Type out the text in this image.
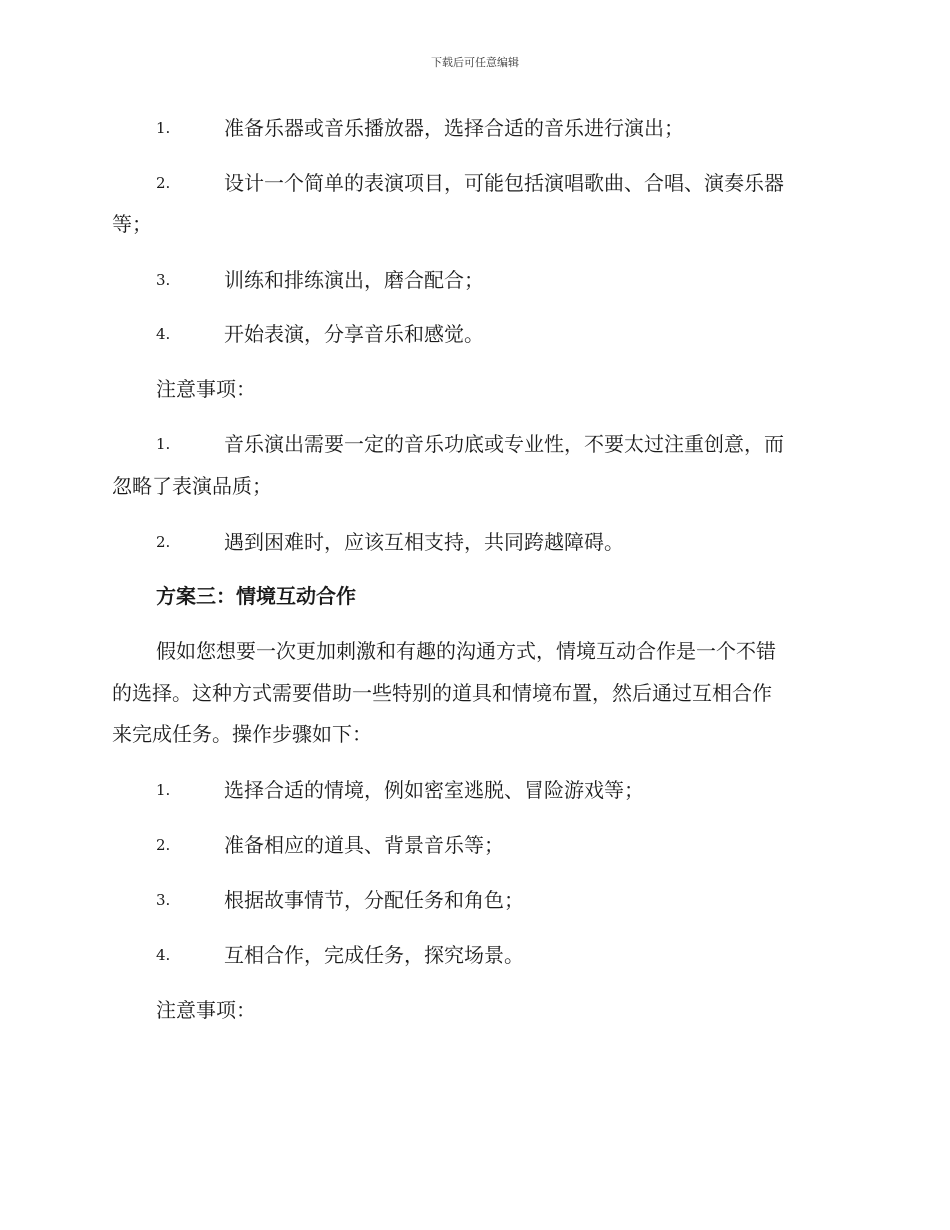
下载后可任意编辑
1.	准备乐器或音乐播放器，选择合适的音乐进行演出；
2.	设计一个简单的表演项目，可能包括演唱歌曲、合唱、演奏乐器
等；
3.	训练和排练演出，磨合配合；
4.	开始表演，分享音乐和感觉。
注意事项：
1.	音乐演出需要一定的音乐功底或专业性，不要太过注重创意，而
忽略了表演品质；
2.	遇到困难时，应该互相支持，共同跨越障碍。
方案三：情境互动合作
假如您想要一次更加刺激和有趣的沟通方式，情境互动合作是一个不错
的选择。这种方式需要借助一些特别的道具和情境布置，然后通过互相合作
来完成任务。操作步骤如下：
1.	选择合适的情境，例如密室逃脱、冒险游戏等；
2.	准备相应的道具、背景音乐等；
3.	根据故事情节，分配任务和角色；
4.	互相合作，完成任务，探究场景。
注意事项：
